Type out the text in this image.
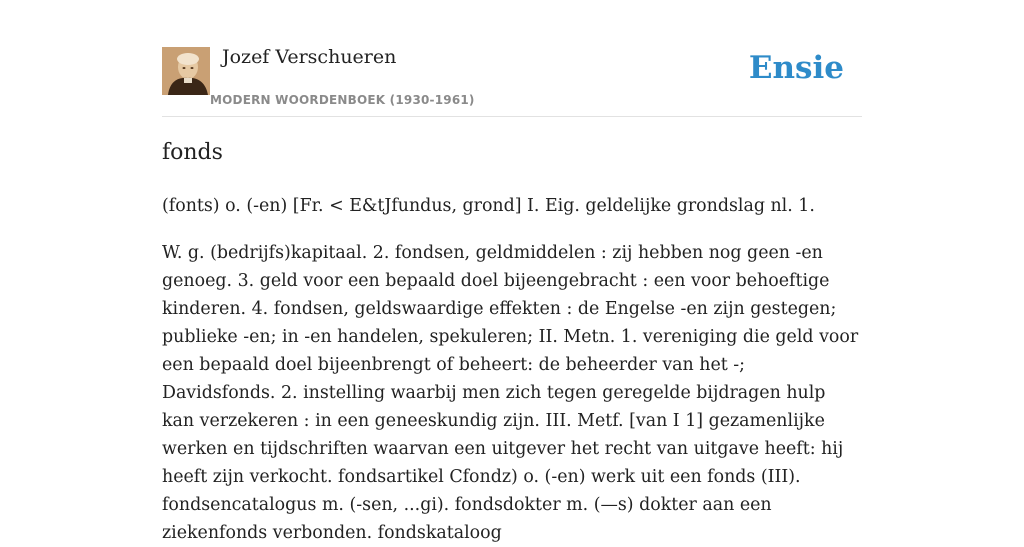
Jozef Verschueren
MODERN WOORDENBOEK (1930-1961)
Ensie
fonds

(fonts) o. (-en) [Fr. < E&tJfundus, grond] I. Eig. geldelijke grondslag nl. 1.

W. g. (bedrijfs)kapitaal. 2. fondsen, geldmiddelen : zij hebben nog geen -en genoeg. 3. geld voor een bepaald doel bijeengebracht : een voor behoeftige kinderen. 4. fondsen, geldswaardige effekten : de Engelse -en zijn gestegen; publieke -en; in -en handelen, spekuleren; II. Metn. 1. vereniging die geld voor een bepaald doel bijeenbrengt of beheert: de beheerder van het -; Davidsfonds. 2. instelling waarbij men zich tegen geregelde bijdragen hulp kan verzekeren : in een geneeskundig zijn. III. Metf. [van I 1] gezamenlijke werken en tijdschriften waarvan een uitgever het recht van uitgave heeft: hij heeft zijn verkocht. fondsartikel Cfondz) o. (-en) werk uit een fonds (III). fondsencatalogus m. (-sen, ...gi). fondsdokter m. (—s) dokter aan een ziekenfonds verbonden. fondskataloog
